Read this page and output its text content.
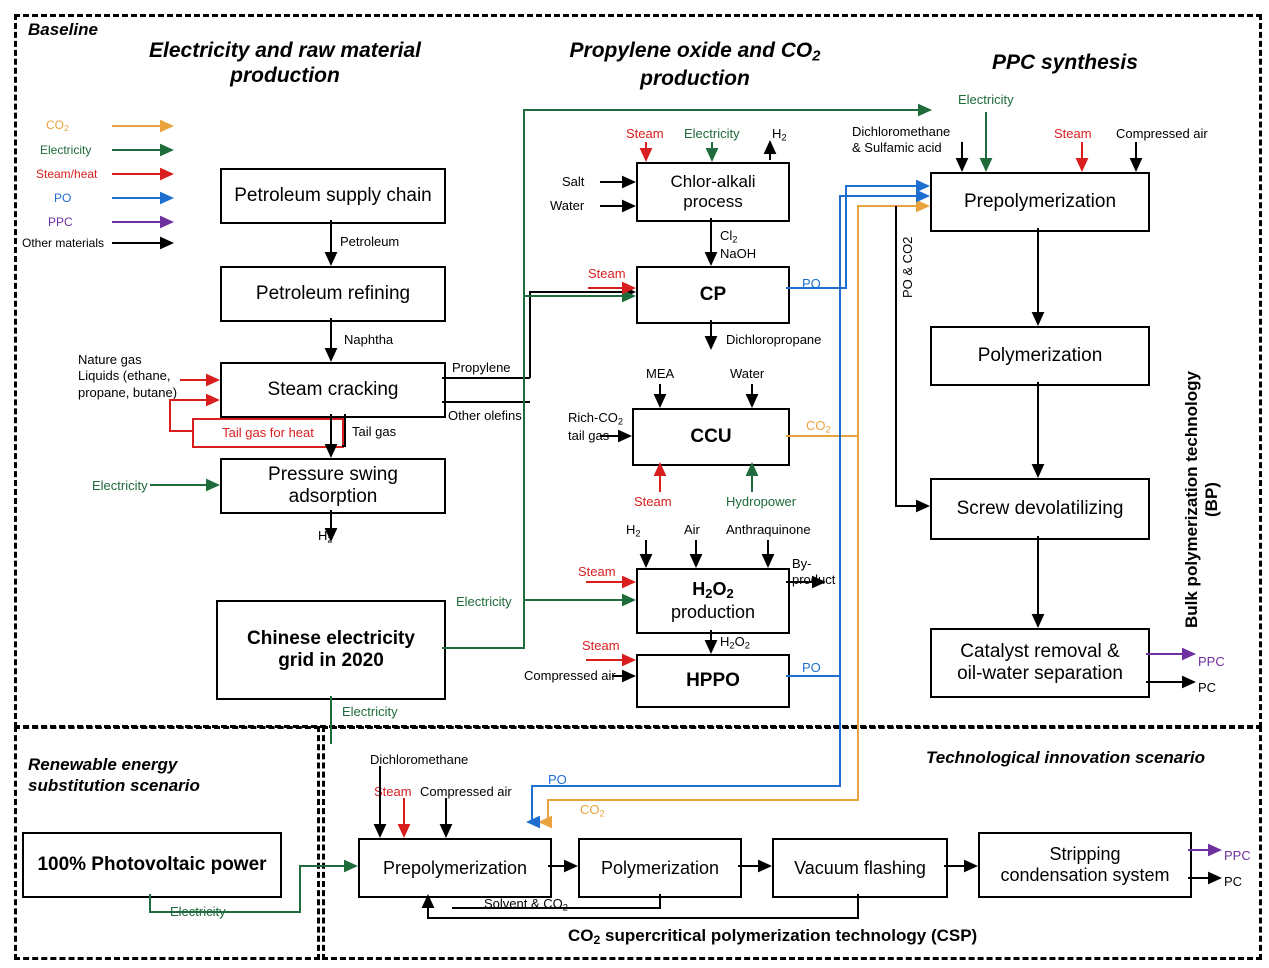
Baseline
Renewable energy
substitution scenario
Technological innovation scenario
$CO_2$ supercritical polymerization technology (CSP)
Bulk polymerization technology (BP)
Electricity and raw material
production
Propylene oxide and $CO_2$
production
PPC synthesis
$CO_2$
Electricity
Steam/heat
PO
PPC
Other materials
Petroleum supply chain
Petroleum refining
Steam cracking
Tail gas for heat
Pressure swing
adsorption
Chinese electricity
grid in 2020
Chlor-alkali
process
CP
CCU
$H_2O_2$
production
HPPO
Prepolymerization
Polymerization
Screw devolatilizing
Catalyst removal &
oil-water separation
100% Photovoltaic power	Prepolymerization	Polymerization	Vacuum flashing
Stripping
condensation system
Petroleum
Naphtha
Propylene
Other olefins
Tail gas
Nature gas
Liquids (ethane,
propane, butane)
Electricity
$H_2$
Electricity
Steam Electricity $H_2$
Salt
Water
$Cl_2$
NaOH
Steam
PO
Dichloropropane
MEA	Water
Rich-$CO_2$
tail gas
$CO_2$
Steam	Hydropower
$H_2$	Air Anthraquinone
Steam
Electricity
By-
product
$H_2O_2$
Steam
Compressed air
PO
Electricity
Dichloromethane
& Sulfamic acid
Steam Compressed air
PO & CO2
PPC
PC
Dichloromethane
Steam Compressed air
PO
$CO_2$
Solvent & $CO_2$
Electricity
PPC
PC
